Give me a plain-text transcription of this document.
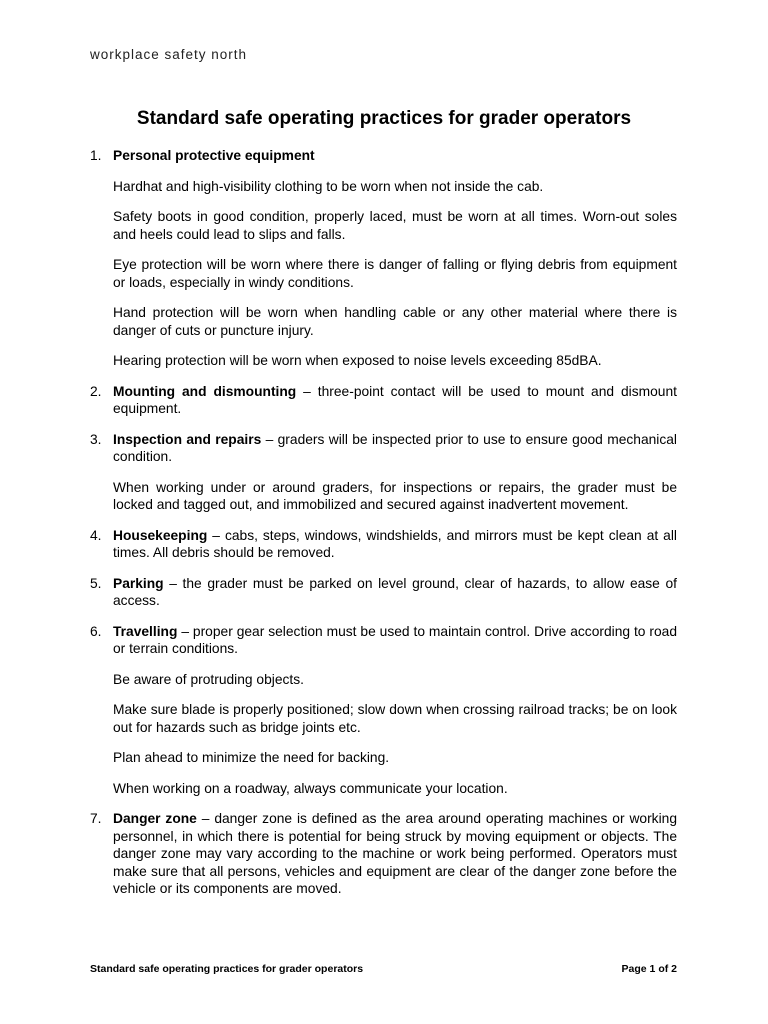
workplace safety north
Standard safe operating practices for grader operators
1. Personal protective equipment

Hardhat and high-visibility clothing to be worn when not inside the cab.

Safety boots in good condition, properly laced, must be worn at all times. Worn-out soles and heels could lead to slips and falls.

Eye protection will be worn where there is danger of falling or flying debris from equipment or loads, especially in windy conditions.

Hand protection will be worn when handling cable or any other material where there is danger of cuts or puncture injury.

Hearing protection will be worn when exposed to noise levels exceeding 85dBA.

2. Mounting and dismounting – three-point contact will be used to mount and dismount equipment.

3. Inspection and repairs – graders will be inspected prior to use to ensure good mechanical condition.

When working under or around graders, for inspections or repairs, the grader must be locked and tagged out, and immobilized and secured against inadvertent movement.

4. Housekeeping – cabs, steps, windows, windshields, and mirrors must be kept clean at all times. All debris should be removed.

5. Parking – the grader must be parked on level ground, clear of hazards, to allow ease of access.

6. Travelling – proper gear selection must be used to maintain control. Drive according to road or terrain conditions.

Be aware of protruding objects.

Make sure blade is properly positioned; slow down when crossing railroad tracks; be on look out for hazards such as bridge joints etc.

Plan ahead to minimize the need for backing.

When working on a roadway, always communicate your location.

7. Danger zone – danger zone is defined as the area around operating machines or working personnel, in which there is potential for being struck by moving equipment or objects. The danger zone may vary according to the machine or work being performed. Operators must make sure that all persons, vehicles and equipment are clear of the danger zone before the vehicle or its components are moved.

Standard safe operating practices for grader operators	Page 1 of 2
